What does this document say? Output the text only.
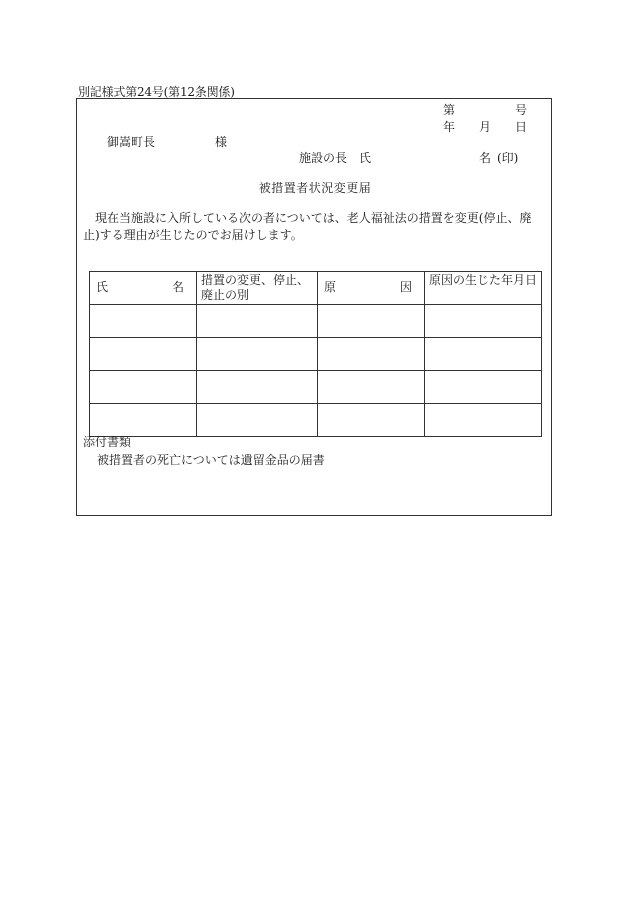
別記様式第24号(第12条関係)
第	号
年 月 日
御嵩町長	様
施設の長　氏	名 (印)
被措置者状況変更届
現在当施設に入所している次の者については、老人福祉法の措置を変更(停止、廃止)する理由が生じたのでお届けします。
氏 名	措置の変更、停止、廃止の別	原 因	原因の生じた年月日

添付書類
被措置者の死亡については遺留金品の届書
